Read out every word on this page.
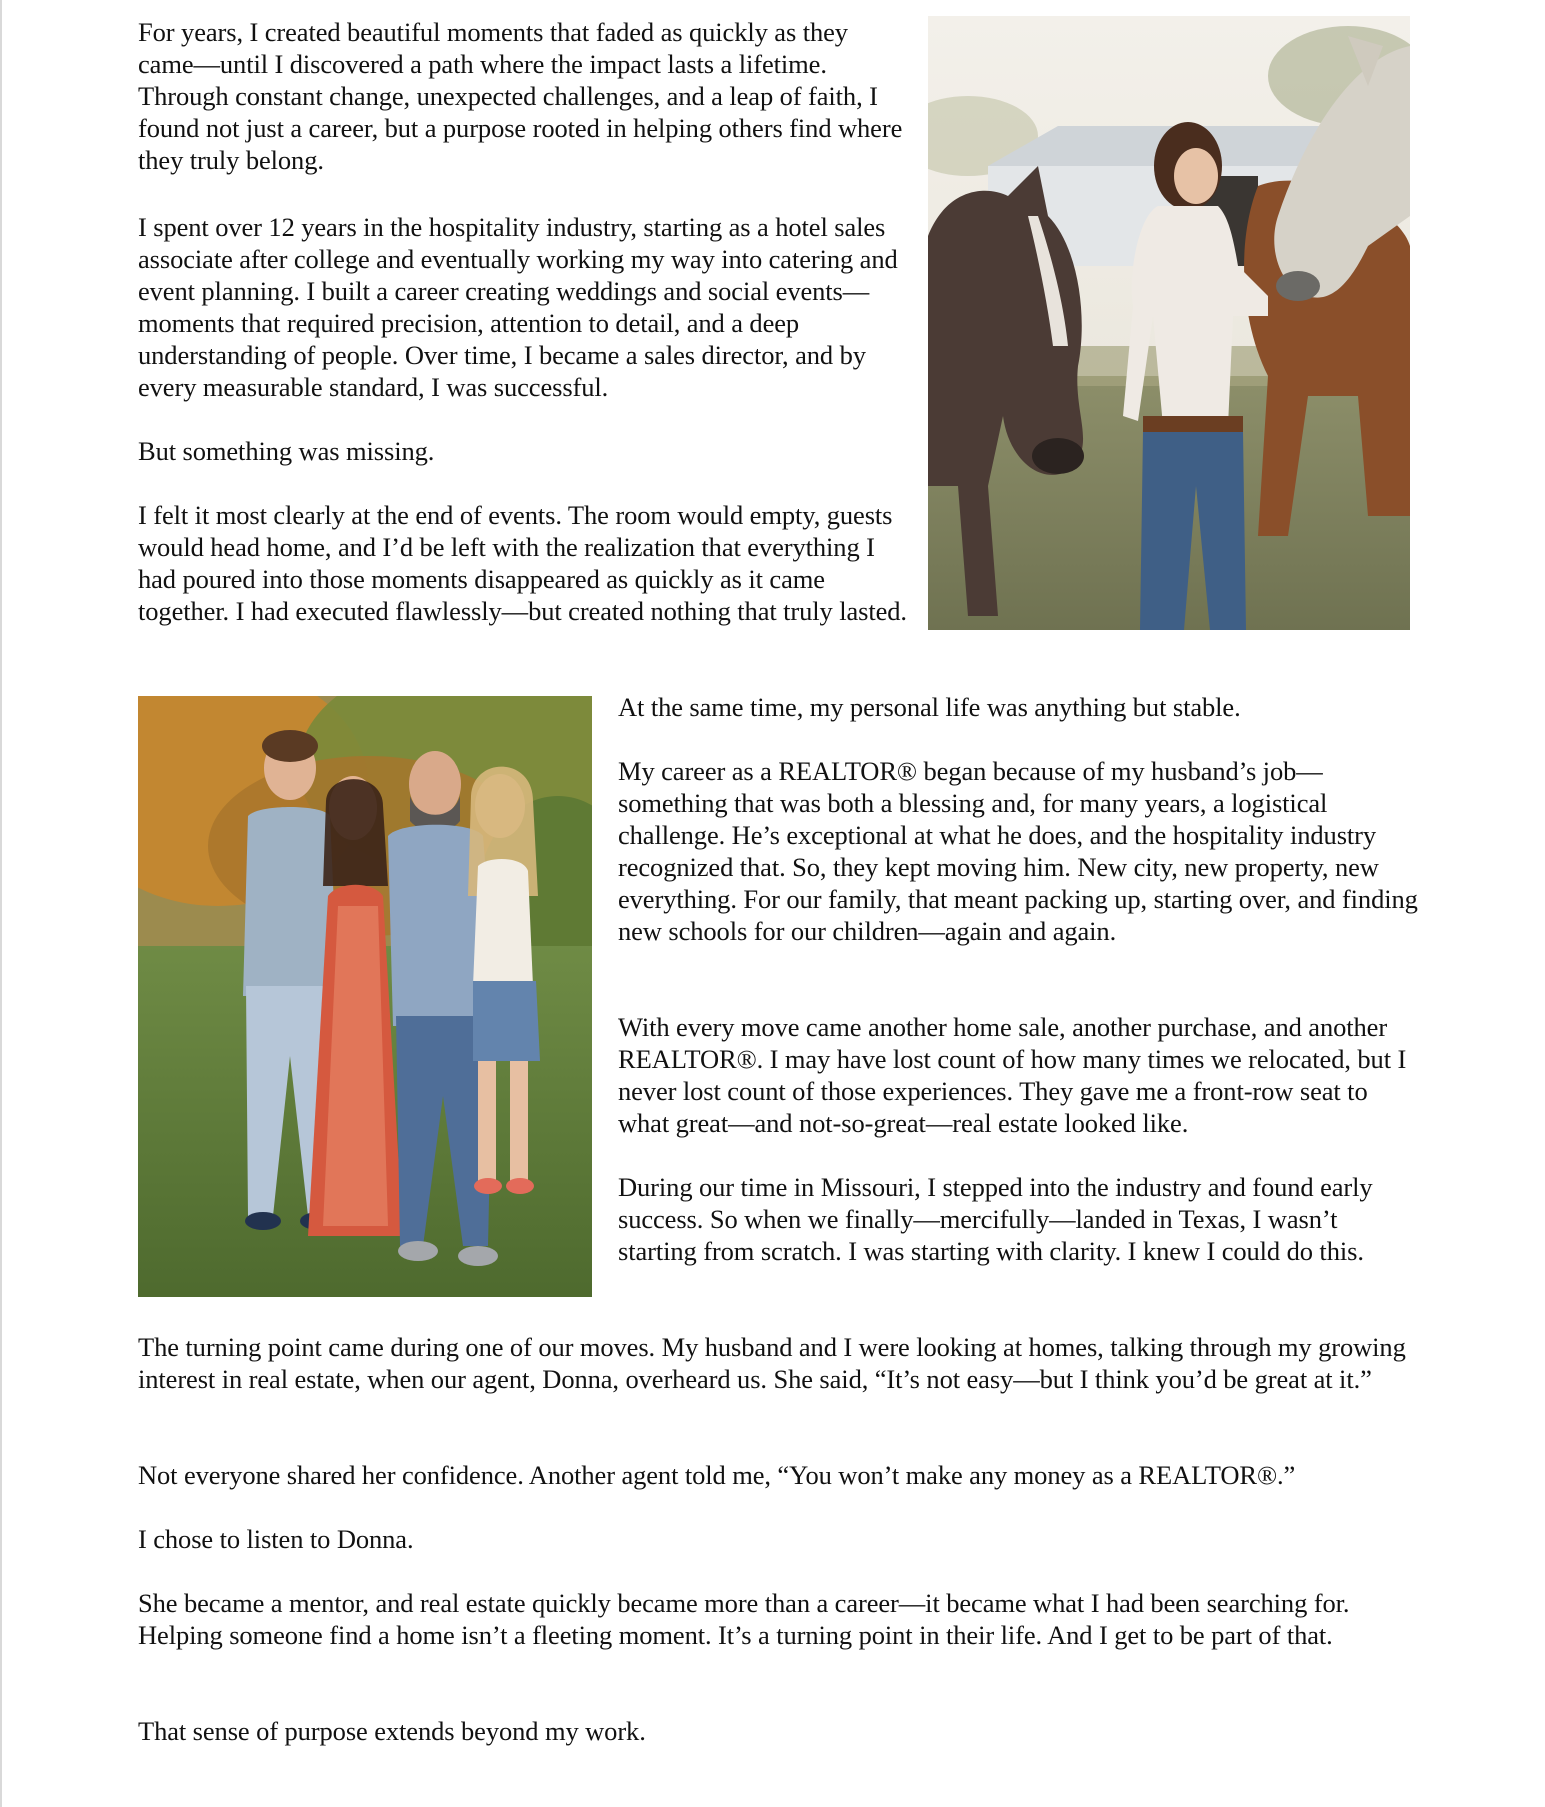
For years, I created beautiful moments that faded as quickly as they came—until I discovered a path where the impact lasts a lifetime. Through constant change, unexpected challenges, and a leap of faith, I found not just a career, but a purpose rooted in helping others find where they truly belong.

I spent over 12 years in the hospitality industry, starting as a hotel sales associate after college and eventually working my way into catering and event planning. I built a career creating weddings and social events—moments that required precision, attention to detail, and a deep understanding of people. Over time, I became a sales director, and by every measurable standard, I was successful.

But something was missing.

I felt it most clearly at the end of events. The room would empty, guests would head home, and I’d be left with the realization that everything I had poured into those moments disappeared as quickly as it came together. I had executed flawlessly—but created nothing that truly lasted.

At the same time, my personal life was anything but stable.

My career as a REALTOR® began because of my husband’s job—something that was both a blessing and, for many years, a logistical challenge. He’s exceptional at what he does, and the hospitality industry recognized that. So, they kept moving him. New city, new property, new everything. For our family, that meant packing up, starting over, and finding new schools for our children—again and again.

With every move came another home sale, another purchase, and another REALTOR®. I may have lost count of how many times we relocated, but I never lost count of those experiences. They gave me a front-row seat to what great—and not-so-great—real estate looked like.

During our time in Missouri, I stepped into the industry and found early success. So when we finally—mercifully—landed in Texas, I wasn’t starting from scratch. I was starting with clarity. I knew I could do this.

The turning point came during one of our moves. My husband and I were looking at homes, talking through my growing interest in real estate, when our agent, Donna, overheard us. She said, “It’s not easy—but I think you’d be great at it.”

Not everyone shared her confidence. Another agent told me, “You won’t make any money as a REALTOR®.”

I chose to listen to Donna.

She became a mentor, and real estate quickly became more than a career—it became what I had been searching for. Helping someone find a home isn’t a fleeting moment. It’s a turning point in their life. And I get to be part of that.

That sense of purpose extends beyond my work.
